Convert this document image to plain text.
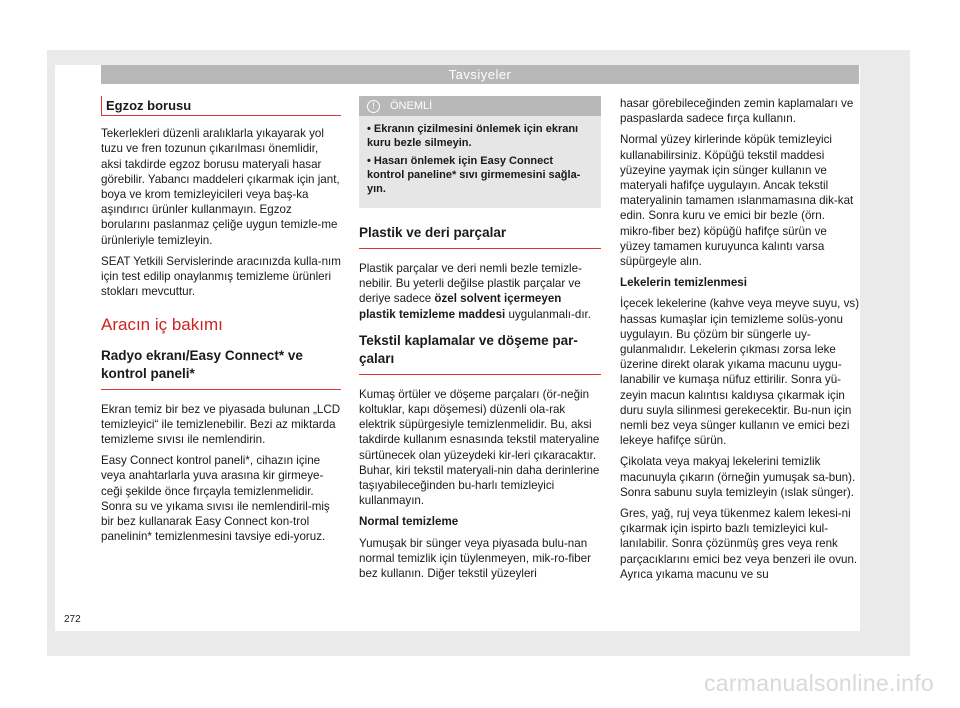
Tavsiyeler
Egzoz borusu

Tekerlekleri düzenli aralıklarla yıkayarak yol tuzu ve fren tozunun çıkarılması önemlidir, aksi takdirde egzoz borusu materyali hasar görebilir. Yabancı maddeleri çıkarmak için jant, boya ve krom temizleyicileri veya baş-ka aşındırıcı ürünler kullanmayın. Egzoz borularını paslanmaz çeliğe uygun temizle-me ürünleriyle temizleyin.

SEAT Yetkili Servislerinde aracınızda kulla-nım için test edilip onaylanmış temizleme ürünleri stokları mevcuttur.

Aracın iç bakımı
Radyo ekranı/Easy Connect* ve kontrol paneli*

Ekran temiz bir bez ve piyasada bulunan „LCD temizleyici“ ile temizlenebilir. Bezi az miktarda temizleme sıvısı ile nemlendirin.

Easy Connect kontrol paneli*, cihazın içine veya anahtarlarla yuva arasına kir girmeye-ceği şekilde önce fırçayla temizlenmelidir. Sonra su ve yıkama sıvısı ile nemlendiril-miş bir bez kullanarak Easy Connect kon-trol panelinin* temizlenmesini tavsiye edi-yoruz.

! ÖNEMLİ
• Ekranın çizilmesini önlemek için ekranı kuru bezle silmeyin.
• Hasarı önlemek için Easy Connect kontrol paneline* sıvı girmemesini sağla-yın.
Plastik ve deri parçalar

Plastik parçalar ve deri nemli bezle temizle-nebilir. Bu yeterli değilse plastik parçalar ve deriye sadece özel solvent içermeyen plastik temizleme maddesi uygulanmalı-dır.

Tekstil kaplamalar ve döşeme par-çaları

Kumaş örtüler ve döşeme parçaları (ör-neğin koltuklar, kapı döşemesi) düzenli ola-rak elektrik süpürgesiyle temizlenmelidir. Bu, aksi takdirde kullanım esnasında tekstil materyaline sürtünecek olan yüzeydeki kir-leri çıkaracaktır. Buhar, kiri tekstil materyali-nin daha derinlerine taşıyabileceğinden bu-harlı temizleyici kullanmayın.

Normal temizleme

Yumuşak bir sünger veya piyasada bulu-nan normal temizlik için tüylenmeyen, mik-ro-fiber bez kullanın. Diğer tekstil yüzeyleri

hasar görebileceğinden zemin kaplamaları ve paspaslarda sadece fırça kullanın.

Normal yüzey kirlerinde köpük temizleyici kullanabilirsiniz. Köpüğü tekstil maddesi yüzeyine yaymak için sünger kullanın ve materyali hafifçe uygulayın. Ancak tekstil materyalinin tamamen ıslanmamasına dik-kat edin. Sonra kuru ve emici bir bezle (örn. mikro-fiber bez) köpüğü hafifçe sürün ve yüzey tamamen kuruyunca kalıntı varsa süpürgeyle alın.

Lekelerin temizlenmesi

İçecek lekelerine (kahve veya meyve suyu, vs) hassas kumaşlar için temizleme solüs-yonu uygulayın. Bu çözüm bir süngerle uy-gulanmalıdır. Lekelerin çıkması zorsa leke üzerine direkt olarak yıkama macunu uygu-lanabilir ve kumaşa nüfuz ettirilir. Sonra yü-zeyin macun kalıntısı kaldıysa çıkarmak için duru suyla silinmesi gerekecektir. Bu-nun için nemli bez veya sünger kullanın ve emici bezi lekeye hafifçe sürün.

Çikolata veya makyaj lekelerini temizlik macunuyla çıkarın (örneğin yumuşak sa-bun). Sonra sabunu suyla temizleyin (ıslak sünger).

Gres, yağ, ruj veya tükenmez kalem lekesi-ni çıkarmak için ispirto bazlı temizleyici kul-lanılabilir. Sonra çözünmüş gres veya renk parçacıklarını emici bez veya benzeri ile ovun. Ayrıca yıkama macunu ve su

272
carmanualsonline.info
